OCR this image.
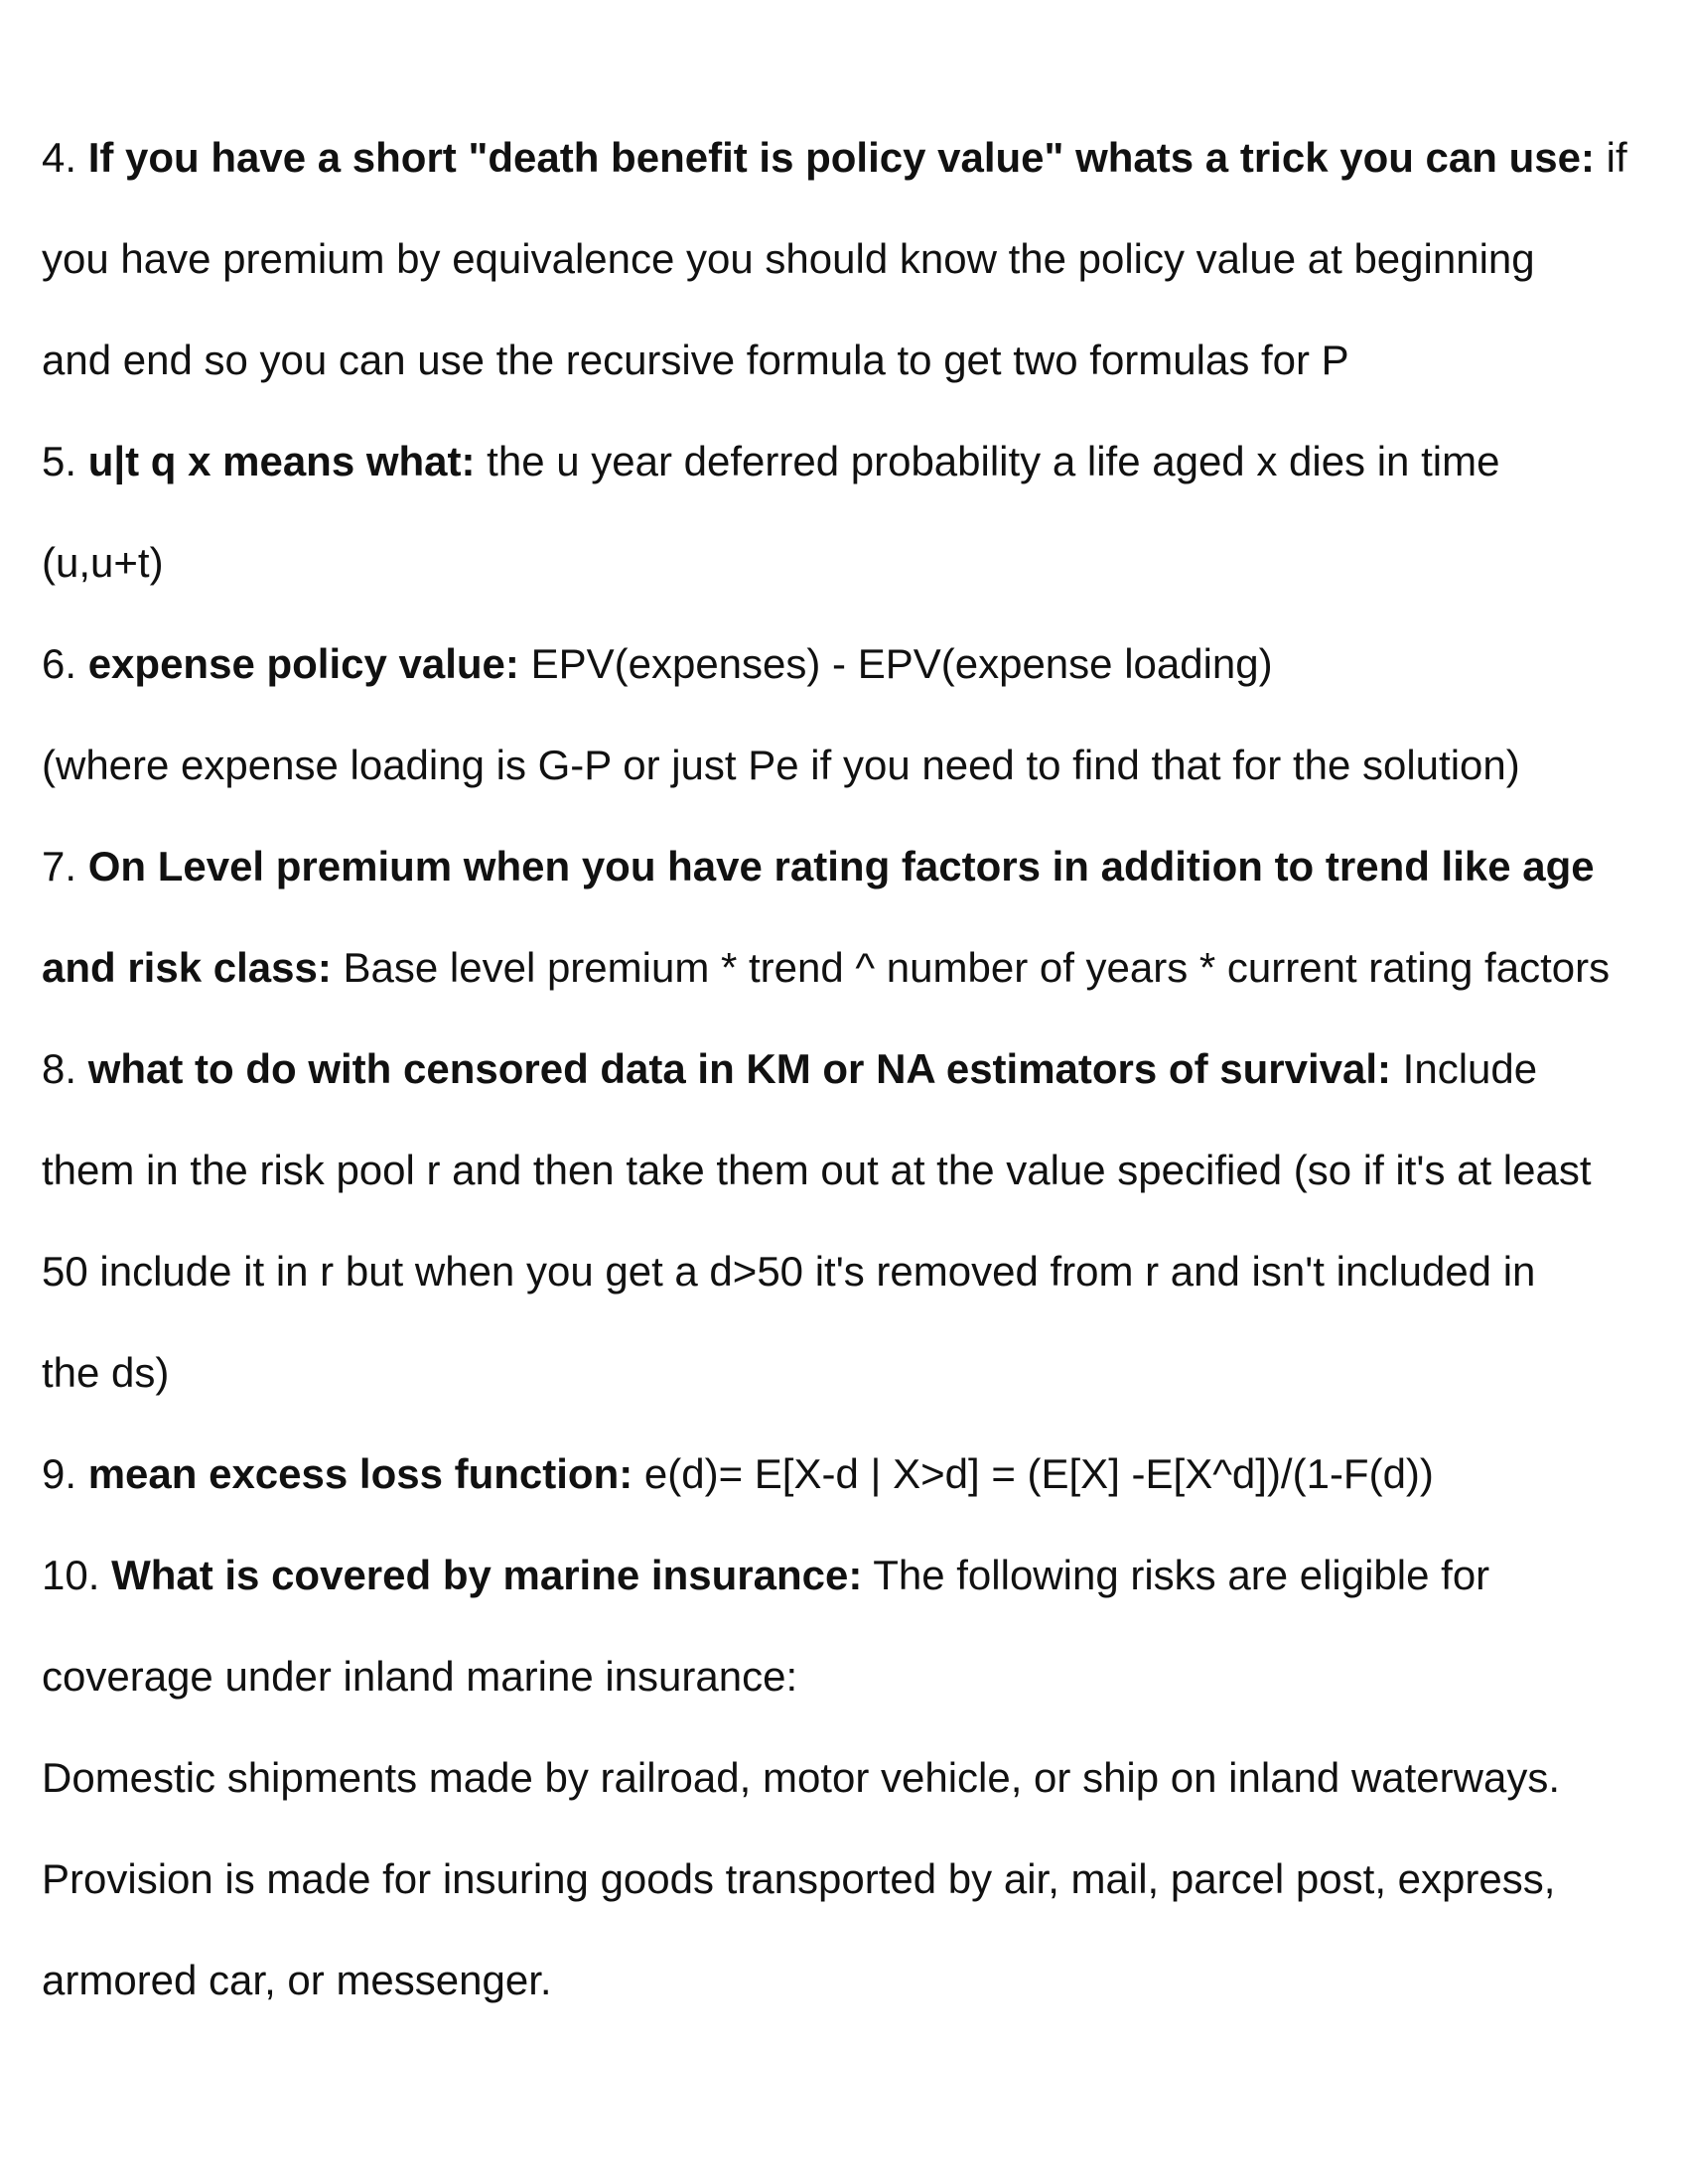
4. If you have a short "death benefit is policy value" whats a trick you can use: if
you have premium by equivalence you should know the policy value at beginning
and end so you can use the recursive formula to get two formulas for P
5. u|t q x means what: the u year deferred probability a life aged x dies in time
(u,u+t)
6. expense policy value: EPV(expenses) - EPV(expense loading)
(where expense loading is G-P or just Pe if you need to find that for the solution)
7. On Level premium when you have rating factors in addition to trend like age
and risk class: Base level premium * trend ^ number of years * current rating factors
8. what to do with censored data in KM or NA estimators of survival: Include
them in the risk pool r and then take them out at the value specified (so if it's at least
50 include it in r but when you get a d>50 it's removed from r and isn't included in
the ds)
9. mean excess loss function: e(d)= E[X-d | X>d] = (E[X] -E[X^d])/(1-F(d))
10. What is covered by marine insurance: The following risks are eligible for
coverage under inland marine insurance:
Domestic shipments made by railroad, motor vehicle, or ship on inland waterways.
Provision is made for insuring goods transported by air, mail, parcel post, express,
armored car, or messenger.
